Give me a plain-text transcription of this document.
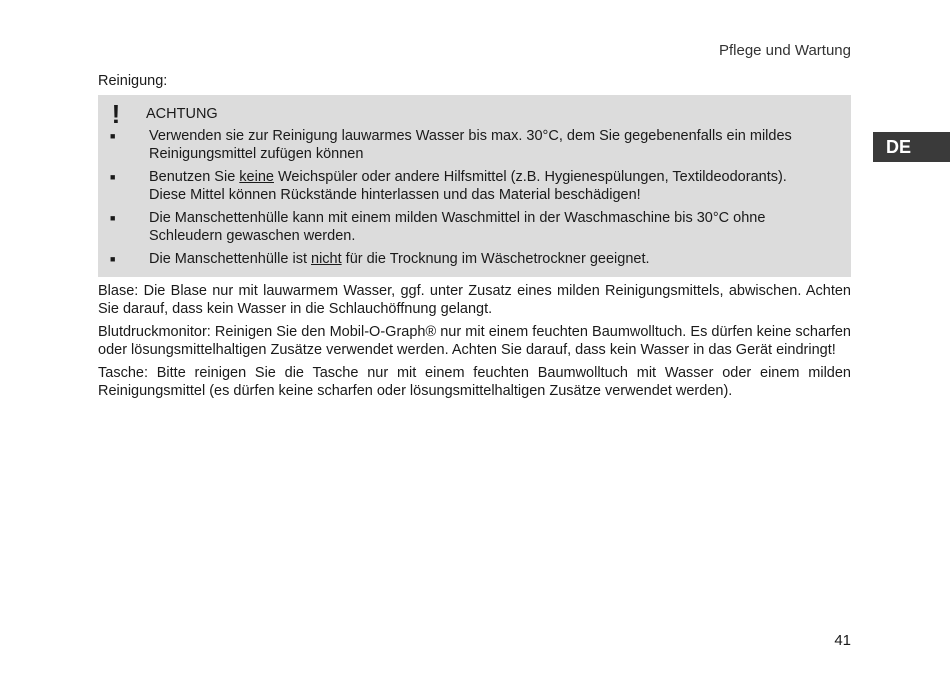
Pflege und Wartung
DE
Reinigung:
!	ACHTUNG
■	Verwenden sie zur Reinigung lauwarmes Wasser bis max. 30°C, dem Sie gegebenenfalls ein mildes Reinigungsmittel zufügen können
■	Benutzen Sie keine Weichspüler oder andere Hilfsmittel (z.B. Hygienespülungen, Textildeodorants). Diese Mittel können Rückstände hinterlassen und das Material beschädigen!
■	Die Manschettenhülle kann mit einem milden Waschmittel in der Waschmaschine bis 30°C ohne Schleudern gewaschen werden.
■	Die Manschettenhülle ist nicht für die Trocknung im Wäschetrockner geeignet.

Blase: Die Blase nur mit lauwarmem Wasser, ggf. unter Zusatz eines milden Reinigungsmittels, abwischen. Achten Sie darauf, dass kein Wasser in die Schlauchöffnung gelangt.

Blutdruckmonitor: Reinigen Sie den Mobil-O-Graph® nur mit einem feuchten Baumwolltuch. Es dürfen keine scharfen oder lösungsmittelhaltigen Zusätze verwendet werden. Achten Sie darauf, dass kein Wasser in das Gerät eindringt!

Tasche: Bitte reinigen Sie die Tasche nur mit einem feuchten Baumwolltuch mit Wasser oder einem milden Reinigungsmittel (es dürfen keine scharfen oder lösungsmittelhaltigen Zusätze verwendet werden).

41
